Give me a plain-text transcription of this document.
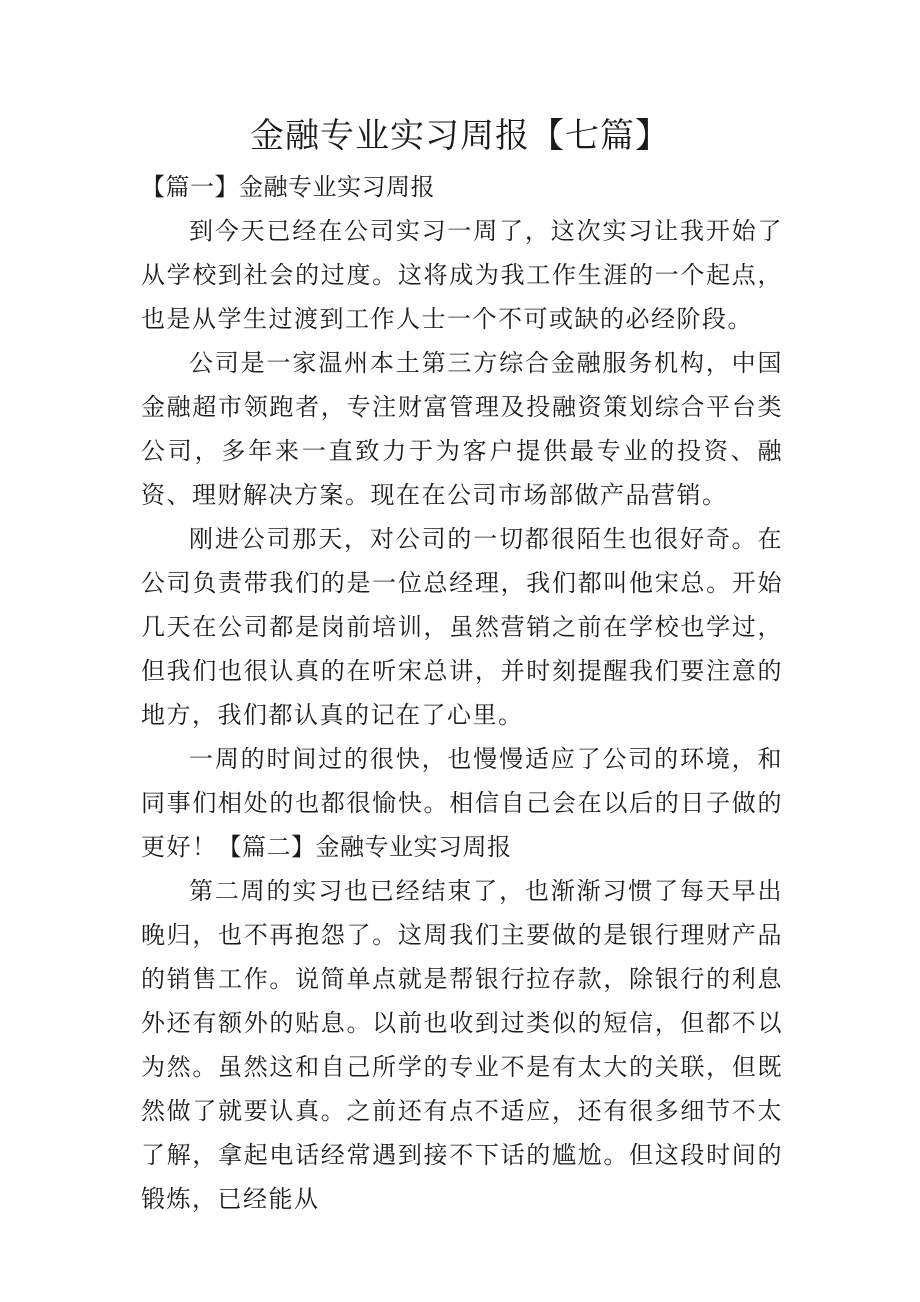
金融专业实习周报【七篇】

【篇一】金融专业实习周报

到今天已经在公司实习一周了，这次实习让我开始了从学校到社会的过度。这将成为我工作生涯的一个起点，也是从学生过渡到工作人士一个不可或缺的必经阶段。

公司是一家温州本土第三方综合金融服务机构，中国金融超市领跑者，专注财富管理及投融资策划综合平台类公司，多年来一直致力于为客户提供最专业的投资、融资、理财解决方案。现在在公司市场部做产品营销。

刚进公司那天，对公司的一切都很陌生也很好奇。在公司负责带我们的是一位总经理，我们都叫他宋总。开始几天在公司都是岗前培训，虽然营销之前在学校也学过，但我们也很认真的在听宋总讲，并时刻提醒我们要注意的地方，我们都认真的记在了心里。

一周的时间过的很快，也慢慢适应了公司的环境，和同事们相处的也都很愉快。相信自己会在以后的日子做的更好！【篇二】金融专业实习周报

第二周的实习也已经结束了，也渐渐习惯了每天早出晚归，也不再抱怨了。这周我们主要做的是银行理财产品的销售工作。说简单点就是帮银行拉存款，除银行的利息外还有额外的贴息。以前也收到过类似的短信，但都不以为然。虽然这和自己所学的专业不是有太大的关联，但既然做了就要认真。之前还有点不适应，还有很多细节不太了解，拿起电话经常遇到接不下话的尴尬。但这段时间的锻炼，已经能从
